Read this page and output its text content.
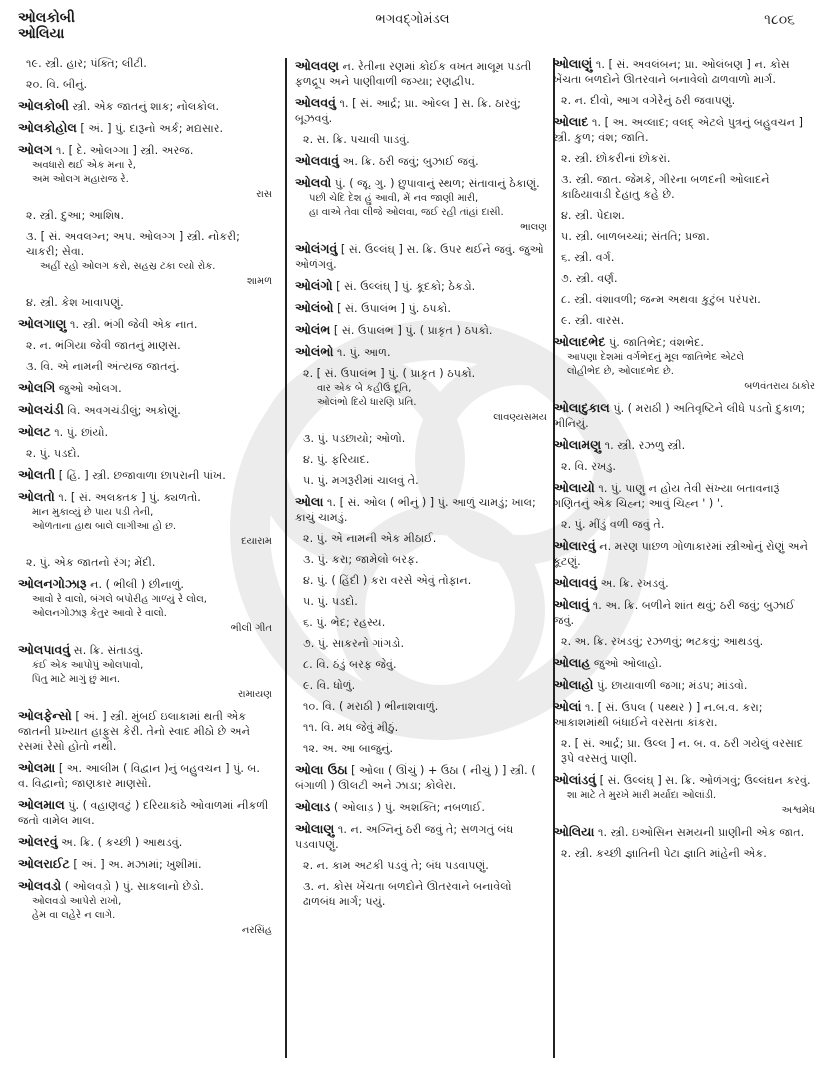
ઓલકોબી
ઓલિયા
ભગવદ્ગોમંડલ	૧૮૦૬
૧૯. સ્ત્રી. હાર; પંક્તિ; લીટી.
૨૦. વિ. બીનું.
ઓલકોબી સ્ત્રી. એક જાતનું શાક; નોલકોલ.
ઓલકોહોલ [ અં. ] પું. દારૂનો અર્ક; મદ્યસાર.
ઓલગ ૧. [ દે. ઓલગ્ગા ] સ્ત્રી. અરજ.
અવધારો થઈ એક મના રે,
અમ ઓલગ મહારાજ રે.
રાસ
૨. સ્ત્રી. દુઆ; આશિષ.
૩. [ સં. અવલગ્ન; અપ. ઓલગ્ગ ] સ્ત્રી. નોકરી; ચાકરી; સેવા.
અહીં રહો ઓલગ કરો, સહસ્ર ટકા લ્યો રોક.
શામળ
૪. સ્ત્રી. કેશ ખાવાપણું.
ઓલગાણુ ૧. સ્ત્રી. ભંગી જેવી એક નાત.
૨. ન. ભંગિયા જેવી જાતનું માણસ.
૩. વિ. એ નામની અંત્યજ જાતનું.
ઓલગિ જુઓ ઓલગ.
ઓલચંડી વિ. અવગચંડીલું; અકોણું.
ઓલટ ૧. પું. છાંયો.
૨. પું. પડદો.
ઓલતી [ હિં. ] સ્ત્રી. છજાવાળા છાપરાની પાંખ.
ઓલતો ૧. [ સં. અલક્તક ] પું. ક્યળતો.
માન મુકાવ્યું છે પાય પડી તેની,
ઓળતાના હાથ બાલે લાગીઆ હો છ.
દયારામ
૨. પું. એક જાતનો રંગ; મેંદી.
ઓલનગોઝારૂ ન. ( ભીલી ) છીનાળું.
આવો રે વાલો, બંગલે બપોરીહ ગાળ્યું રે લોલ,
ઓલનગોઝારૂ કેતુર આવો રે વાલો.
ભીલી ગીત
ઓલપાવવું સ. ક્રિ. સંતાડવું.
કંઈ એક આપોપું ઓલપાવો,
પિતુ માટે માગું છું માન.
રામાયણ
ઓલફેન્સો [ અં. ] સ્ત્રી. મુંબઈ ઇલાકામાં થતી એક જાતની પ્રખ્યાત હાફુસ કેરી. તેનો સ્વાદ મીઠો છે અને રસમાં રેસો હોતો નથી.
ઓલમા [ અ. આલીમ ( વિદ્વાન )નું બહુવચન ] પું. બ. વ. વિદ્વાનો; જાણકાર માણસો.
ઓલમાલ પું. ( વહાણવટું ) દરિયાકાંઠે ઓવાળમાં નીકળી જતો વામેલ માલ.
ઓલરવું અ. ક્રિ. ( કચ્છી ) આથડવું.
ઓલરાઈટ [ અં. ] અ. મઝામાં; ખુશીમાં.
ઓલવડો ( ઓલવડ઼ો ) પું. સાકલાનો છેડો.
ઓલવડો આપેરો રાખો,
હેમ વા લહેરે ન લાગે.
નરસિંહ
ઓલવણ ન. રેતીના રણમાં કોઈક વખત માલૂમ પડતી ફળદ્રૂપ અને પાણીવાળી જગ્યા; રણદ્વીપ.
ઓલવવું ૧. [ સં. આર્દ્ર; પ્રા. ઓલ્લ ] સ. ક્રિ. ઠારવું; બૂઝવવું.
૨. સ. ક્રિ. પચાવી પાડવું.
ઓલવાવું અ. ક્રિ. ઠરી જવું; બુઝાઈ જવું.
ઓલવો પું. ( જૂ. ગુ. ) છુપાવાનું સ્થળ; સંતાવાનું ઠેકાણું.
પછી ચેદિ દેશ હું આવી, મેં નવ જાણી મારી,
હા વાએ તેવા લીજે ઓલવા, જઈ રહી તાંહાં દાસી.
ભાલણ
ઓલંગવું [ સં. ઉલ્લંઘ્ ] સ. ક્રિ. ઉપર થઈને જવું. જુઓ ઓળંગવું.
ઓલંગો [ સં. ઉલ્લંઘ્ ] પું. કૂદકો; ઠેકડો.
ઓલંબો [ સં. ઉપાલંભ ] પું. ઠપકો.
ઓલંભ [ સં. ઉપાલંભ ] પું. ( પ્રાકૃત ) ઠપકો.
ઓલંભો ૧. પું. આળ.
૨. [ સં. ઉપાલંભ ] પું. ( પ્રાકૃત ) ઠપકો.
વાર એક બે કહીઉ દૂતિ,
ઓલંભો દિયે ધારણિ પ્રતિ.
લાવણ્યસમય
૩. પું. પડછાયો; ઓળો.
૪. પું. ફરિયાદ.
૫. પું. મગરૂરીમાં ચાલવું તે.
ઓલા ૧. [ સં. ઓલ ( ભીનું ) ] પું. આળું ચામડું; ખાલ; કાચું ચામડું.
૨. પું. એ નામની એક મીઠાઈ.
૩. પું. કરા; જામેલો બરફ.
૪. પું. ( હિંદી ) કરા વરસે એવું તોફાન.
૫. પું. પડદો.
૬. પું. ભેદ; રહસ્ય.
૭. પું. સાકરનો ગાંગડો.
૮. વિ. ઠંડું બરફ જેવું.
૯. વિ. ધોળું.
૧૦. વિ. ( મરાઠી ) ભીનાશવાળું.
૧૧. વિ. મધ જેવું મીઠું.
૧૨. અ. આ બાજુનું.
ઓલા ઉઠા [ ઓલા ( ઊંચું ) + ઉઠા ( નીચું ) ] સ્ત્રી. ( બંગાળી ) ઊલટી અને ઝાડા; કોલેરા.
ઓલાડ ( ઓલાડ઼ ) પું. અશક્તિ; નબળાઈ.
ઓલાણુ ૧. ન. અગ્નિનું ઠરી જવું તે; સળગતું બંધ પડવાપણું.
૨. ન. કામ અટકી પડવું તે; બંધ પડવાપણું.
૩. ન. કોસ ખેંચતા બળદોને ઊતરવાને બનાવેલો ઢાળબંધ માર્ગ; પયું.
ઓલાણું ૧. [ સં. અવલંબન; પ્રા. ઓલંબણ ] ન. કોસ ખેંચતા બળદોને ઊતરવાને બનાવેલો ઢાળવાળો માર્ગ.
૨. ન. દીવો, આગ વગેરેનું ઠરી જવાપણું.
ઓલાદ ૧. [ અ. અવ્લાદ; વલદ્ એટલે પુત્રનું બહુવચન ] સ્ત્રી. કુળ; વંશ; જાતિ.
૨. સ્ત્રી. છોકરીનાં છોકરાં.
૩. સ્ત્રી. જાત. જેમકે, ગીરના બળદની ઓલાદને કાઠિયાવાડી દેહાતુ કહે છે.
૪. સ્ત્રી. પેદાશ.
૫. સ્ત્રી. બાળબચ્ચાં; સંતતિ; પ્રજા.
૬. સ્ત્રી. વર્ગ.
૭. સ્ત્રી. વર્ણ.
૮. સ્ત્રી. વંશાવળી; જન્મ અથવા કુટુંબ પરંપરા.
૯. સ્ત્રી. વારસ.
ઓલાદભેદ પું. જાતિભેદ; વંશભેદ.
આપણા દેશમાં વર્ગભેદનું મૂલ જાતિભેદ એટલે
લોહીભેદ છે, ઓલાદભેદ છે.
બળવંતરાય ઠાકોર
ઓલાદુકાલ પું. ( મરાઠી ) અતિવૃષ્ટિને લીધે પડતો દુકાળ; ભીનિયું.
ઓલામણુ ૧. સ્ત્રી. રઝળુ સ્ત્રી.
૨. વિ. રખડુ.
ઓલાયો ૧. પું. પાણુ ન હોય તેવી સંખ્યા બતાવનારૂં ગણિતનું એક ચિહ્ન; આવું ચિહ્ન ' ) '.
૨. પું. મીંડું વળી જવું તે.
ઓલારવું ન. મરણ પાછળ ગોળાકારમાં સ્ત્રીઓનું રોણું અને કૂટણું.
ઓલાવવું અ. ક્રિ. રખડવું.
ઓલાવું ૧. અ. ક્રિ. બળીને શાંત થવું; ઠરી જવું; બુઝાઈ જવું.
૨. અ. ક્રિ. રખડવું; રઝળવું; ભટકવું; આથડવું.
ઓલાહ જુઓ ઓલાહો.
ઓલાહો પું. છાયાવાળી જગા; મંડપ; માંડવો.
ઓલાં ૧. [ સં. ઉપલ ( પથ્થર ) ] ન.બ.વ. કરા; આકાશમાંથી બંધાઈને વરસતા કાંકરા.
૨. [ સં. આર્દ્ર; પ્રા. ઉલ્લ ] ન. બ. વ. ઠરી ગયેલું વરસાદ રૂપે વરસતું પાણી.
ઓલાંડવું [ સં. ઉલ્લંઘ્ ] સ. ક્રિ. ઓળંગવું; ઉલ્લંઘન કરવું.
શા માટે તે મુરખે મારી મર્યાદા ઓલાંડી.
અશ્વમેધ
ઓલિયા ૧. સ્ત્રી. ઇઓસિન સમયની પ્રાણીની એક જાત.
૨. સ્ત્રી. કચ્છી જ્ઞાતિની પેટા જ્ઞાતિ માંહેની એક.
